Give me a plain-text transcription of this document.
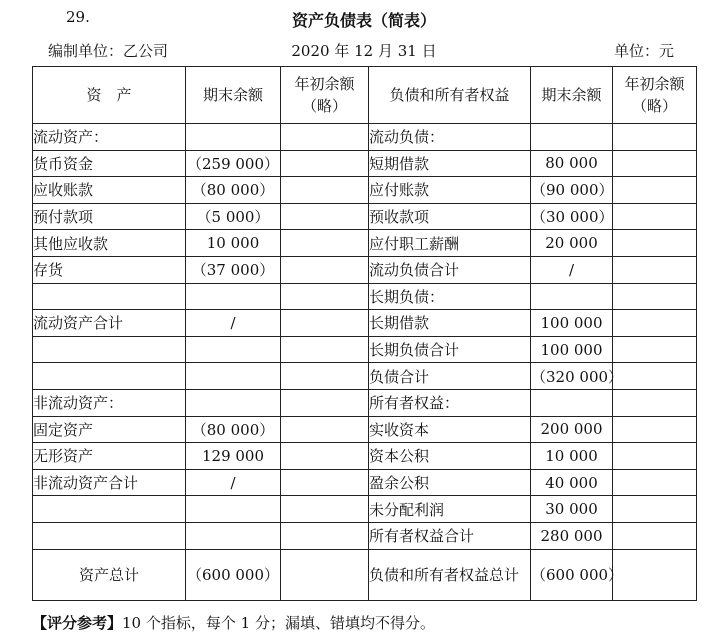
29.	资产负债表（简表）
编制单位：乙公司	2020 年 12 月 31 日	单位：元
资　产	期末余额	年初余额（略）	负债和所有者权益	期末余额	年初余额（略）
流动资产：			流动负债：		
货币资金	（259 000）		短期借款	80 000	
应收账款	（80 000）		应付账款	（90 000）	
预付款项	（5 000）		预收款项	（30 000）	
其他应收款	10 000		应付职工薪酬	20 000	
存货	（37 000）		流动负债合计	/	
			长期负债：		
流动资产合计	/		长期借款	100 000	
			长期负债合计	100 000	
			负债合计	（320 000）	
非流动资产：			所有者权益：		
固定资产	（80 000）		实收资本	200 000	
无形资产	129 000		资本公积	10 000	
非流动资产合计	/		盈余公积	40 000	
			未分配利润	30 000	
			所有者权益合计	280 000	
资产总计	（600 000）		负债和所有者权益总计	（600 000）	
【评分参考】10 个指标，每个 1 分；漏填、错填均不得分。
